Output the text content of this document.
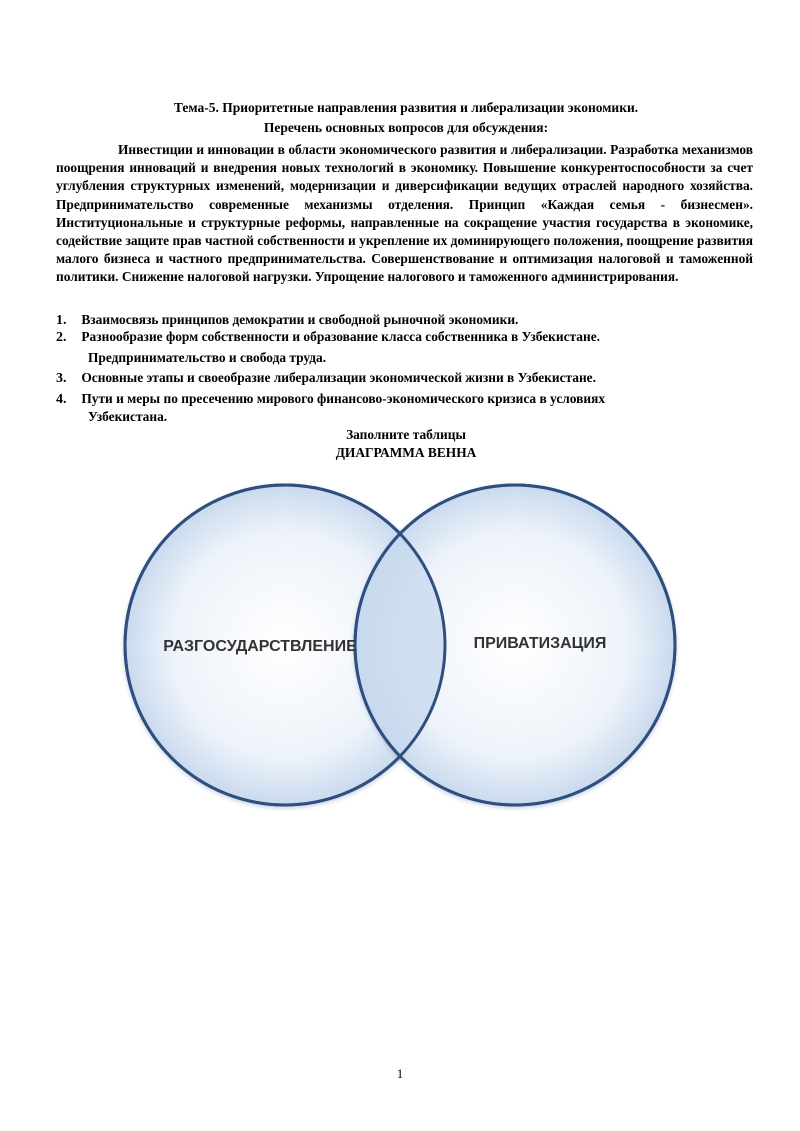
Тема-5. Приоритетные направления развития и либерализации экономики.
Перечень основных вопросов для обсуждения:
Инвестиции и инновации в области экономического развития и либерализации. Разработка механизмов поощрения инноваций и внедрения новых технологий в экономику. Повышение конкурентоспособности за счет углубления структурных изменений, модернизации и диверсификации ведущих отраслей народного хозяйства. Предпринимательство современные механизмы отделения. Принцип «Каждая семья - бизнесмен». Институциональные и структурные реформы, направленные на сокращение участия государства в экономике, содействие защите прав частной собственности и укрепление их доминирующего положения, поощрение развития малого бизнеса и частного предпринимательства. Совершенствование и оптимизация налоговой и таможенной политики. Снижение налоговой нагрузки. Упрощение налогового и таможенного администрирования.
1. Взаимосвязь принципов демократии и свободной рыночной экономики.
2. Разнообразие форм собственности и образование класса собственника в Узбекистане.
Предпринимательство и свобода труда.
3. Основные этапы и своеобразие либерализации экономической жизни в Узбекистане.
4. Пути и меры по пресечению мирового финансово-экономического кризиса в условиях
Узбекистана.
Заполните таблицы
ДИАГРАММА ВЕННА
РАЗГОСУДАРСТВЛЕНИЕ	ПРИВАТИЗАЦИЯ
1
